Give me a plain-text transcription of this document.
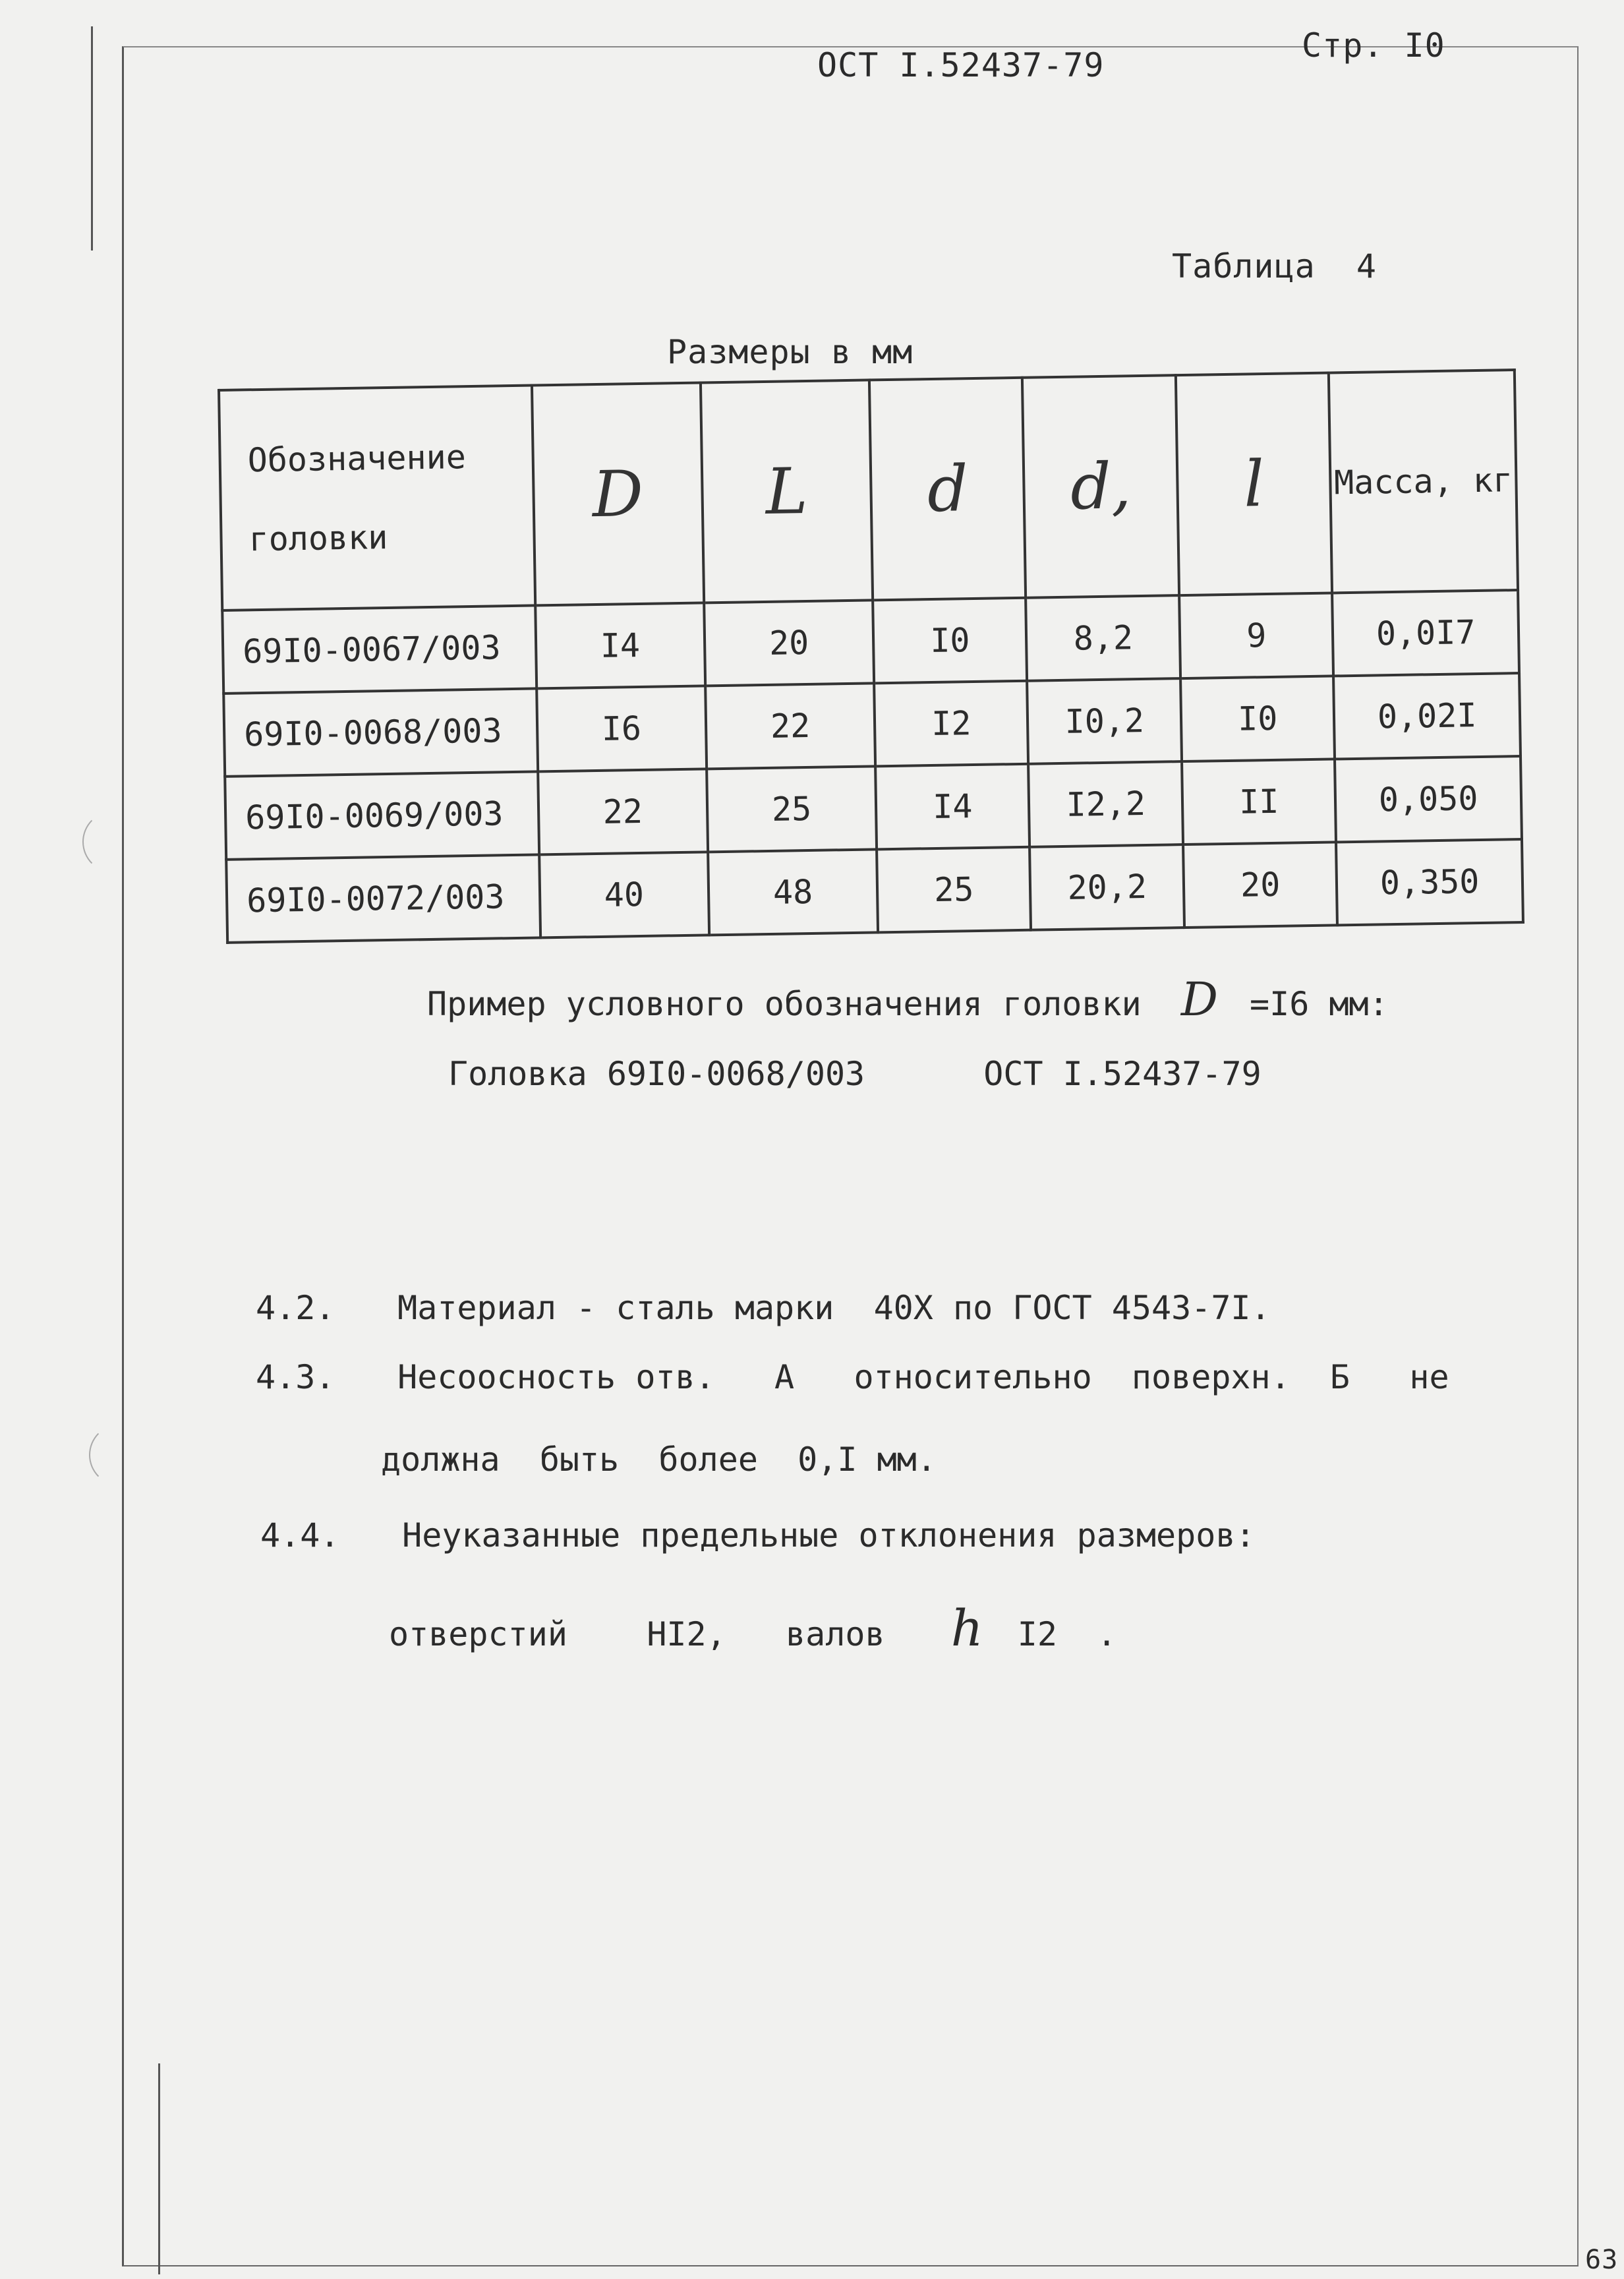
ОСТ I.52437-79
Стр. I0
Таблица  4
Размеры в мм
Обозначение головки	D	L	d	d,	l	Масса, кг
69I0-0067/003	I4	20	I0	8,2	9	0,0I7
69I0-0068/003	I6	22	I2	I0,2	I0	0,02I
69I0-0069/003	22	25	I4	I2,2	II	0,050
69I0-0072/003	40	48	25	20,2	20	0,350
Пример условного обозначения головки D =I6 мм:
Головка 69I0-0068/003	ОСТ I.52437-79
4.2. Материал - сталь марки  40Х по ГОСТ 4543-7I.
4.3. Несоосность отв.   А   относительно  поверхн.  Б   не
должна  быть  более  0,I мм.
4.4. Неуказанные предельные отклонения размеров:
отверстий    HI2,   валов h I2  .
63
